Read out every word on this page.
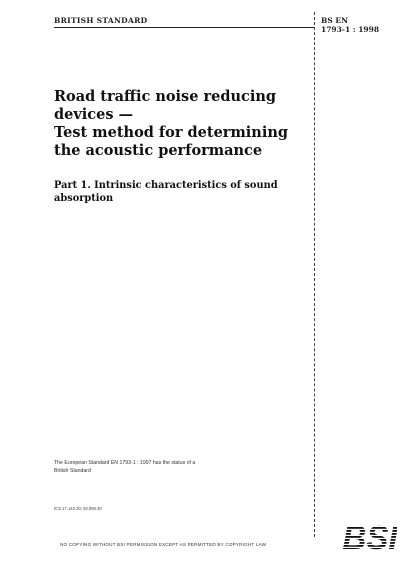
BRITISH STANDARD	BS EN
1793-1 : 1998
Road traffic noise reducing
devices —
Test method for determining
the acoustic performance
Part 1. Intrinsic characteristics of sound
absorption
The European Standard EN 1793-1 : 1997 has the status of a
British Standard
ICS 17.140.30; 93.080.30
NO COPYING WITHOUT BSI PERMISSION EXCEPT AS PERMITTED BY COPYRIGHT LAW
